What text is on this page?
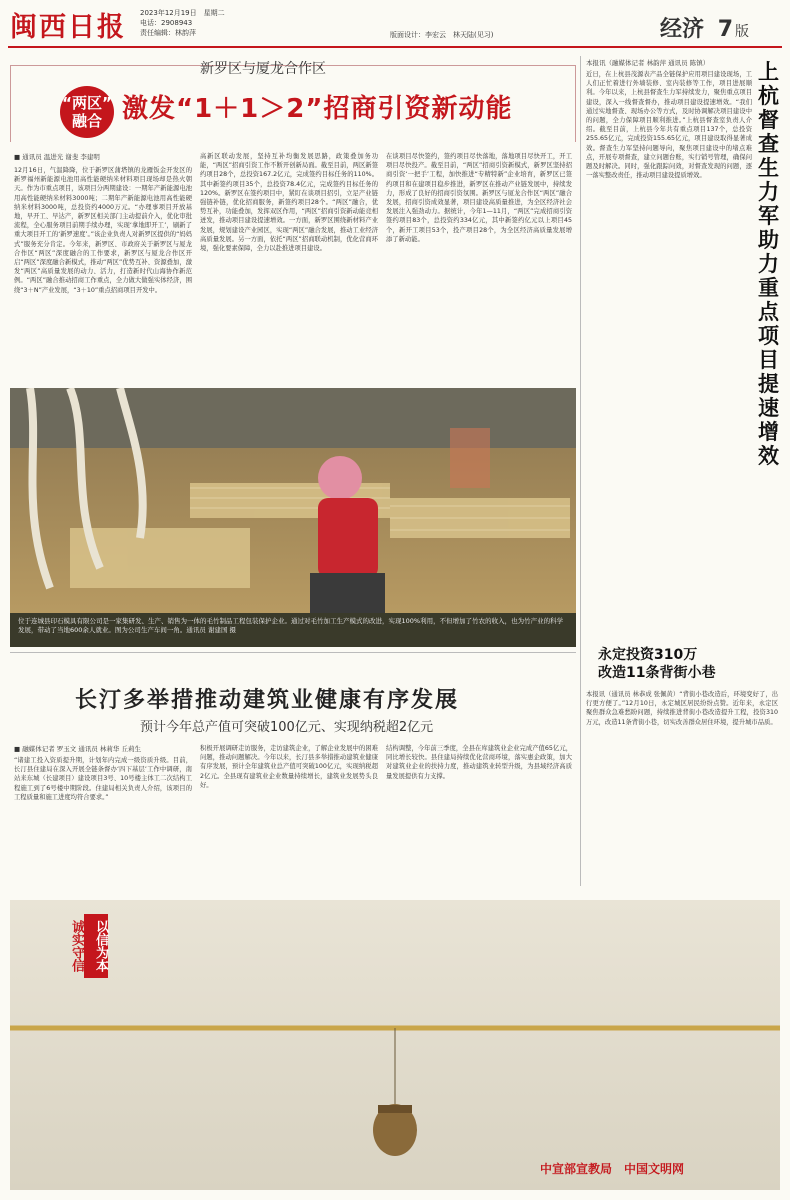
闽西日报	2023年12月19日　星期二
电话：2908943
责任编辑：林韵萍	版面设计：李宏云　 林天陆(见习)	经济 7 版
新罗区与厦龙合作区
“两区”
融合 激发“1＋1＞2”招商引资新动能
■ 通讯员 温进光 谢斐 李建明
12月16日，气温降降，位于新罗区蒲塔镇的龙雁钣金开发区的新罗福州新能源电池用高性能硬纳米材料项目现场却是热火朝天。作为市重点项目，该项目分两期建设：一期年产新能源电池用高性能硬纳米材料3000吨；二期年产新能源电池用高性能硬纳米材料3000吨，总投资约4000万元。“办理事项目开放基地，早开工、早达产，新罗区相关部门主动提前介入，优化审批流程，全心服务项目前期手续办理，实现‘拿地即开工’，刷新了重大项目开工的‘新罗速度’。”该企业负责人对新罗区提供的“妈妈式”服务充分肯定。今年来，新罗区、市政府关于新罗区与厦龙合作区“两区”深度融合的工作要求，新罗区与厦龙合作区开启“两区”深度融合新模式，推动“两区”优势互补、资源叠加，激发“两区”高质量发展的动力、活力，打造新时代山海协作新范例。“两区”融合推动招商工作重点，全力做大做强实体经济，围绕“3＋N”产业发展，“3＋10”重点招商项目开发中。
高新区联动发展，坚持互补均衡发展思路，政策叠加务功能，“两区”招商引资工作不断开创新局面。截至目前，两区新签约项目28个，总投资167.2亿元，完成签约目标任务的110%。其中新签约项目35个，总投资78.4亿元，完成签约目标任务的120%。新罗区在签约项目中，紧盯在谈项目招引，立足产业链强链补链，优化招商服务，新签约项目28个。“两区”融合，优势互补，功能叠加，发挥双区作用，“两区”招商引资新动能竞相迸发，推动项目建设提速增效。一方面，新罗区围绕新材料产业发展，规划建设产业园区，实现“两区”融合发展，推动工业经济高质量发展。另一方面，依托“两区”招商联动机制，优化营商环境，强化要素保障，全力以赴推进项目建设。
在谈项目尽快签约，签约项目尽快落地，落地项目尽快开工，开工项目尽快投产。截至目前，“两区”招商引资新模式，新罗区坚持招商引资‘一把手’工程，加快推进“专精特新”企业培育，新罗区已签约项目和在建项目稳步推进，新罗区在推动产业链发展中，持续发力，形成了良好的招商引资氛围。新罗区与厦龙合作区“两区”融合发展，招商引资成效显著，项目建设高质量推进，为全区经济社会发展注入强劲动力。据统计，今年1—11月，“两区”完成招商引资签约项目83个，总投资约334亿元，其中新签约亿元以上项目45个，新开工项目53个，投产项目28个，为全区经济高质量发展增添了新动能。
位于连城县印石模具有限公司是一家集研发、生产、销售为一体的毛竹制品工程包装保护企业。通过对毛竹加工生产模式的改进，实现100%利用，不但增加了竹农的收入，也为竹产业的科学发展，带动了当地600余人就业。图为公司生产车间一角。通讯员 谢建国 摄
本报讯（融媒体记者 林韵萍 通讯员 陈镇）
近日，在上杭县茂源表产品全链保护应用项目建设现场，工人们正忙着进行外墙装修、室内装修等工作，项目进展顺利。今年以来，上杭县督查生力军持续发力，聚焦重点项目建设，深入一线督查督办，推动项目建设提速增效。“我们通过实地督查、现场办公等方式，及时协调解决项目建设中的问题，全力保障项目顺利推进。”上杭县督查室负责人介绍。截至目前，上杭县今年共有重点项目137个，总投资255.65亿元，完成投资155.65亿元，项目建设取得显著成效。督查生力军坚持问题导向，聚焦项目建设中的堵点难点，开展专项督查，建立问题台账，实行销号管理，确保问题及时解决。同时，强化跟踪问效，对督查发现的问题，逐一落实整改责任，推动项目建设提质增效。
上杭督查生力军助力重点项目提速增效
永定投资310万
改造11条背街小巷
本报讯（通讯员 林恭成 张佩黄）“背街小巷改造后，环境变好了，出行更方便了。”12月10日，永定城区居民纷纷点赞。近年来，永定区聚焦群众急难愁盼问题，持续推进背街小巷改造提升工程，投资310万元，改造11条背街小巷，切实改善群众居住环境，提升城市品质。
长汀多举措推动建筑业健康有序发展
预计今年总产值可突破100亿元、实现纳税超2亿元
■ 融媒体记者 罗玉文 通讯员 林莉华 丘莉生
“诸建工投入资质提升期，计划年内完成一级资质升级。目前，长汀县住建局在深入开展全链条督办‘四下基层’工作中调研，南站来东城（长建项目）建设项目3号、10号楼主体工二次结构工程施工到了6号楼中期阶段。住建局相关负责人介绍，该项目的工程质量和施工进度均符合要求。”
积极开展调研走访服务，走访建筑企业，了解企业发展中的困难问题，推动问题解决。今年以来，长汀县多举措推动建筑业健康有序发展，预计全年建筑业总产值可突破100亿元，实现纳税超2亿元。全县现有建筑业企业数量持续增长，建筑业发展势头良好。
结构调整，今年前三季度，全县在库建筑业企业完成产值65亿元，同比增长较快。县住建局持续优化营商环境，落实惠企政策，加大对建筑业企业的扶持力度，推动建筑业转型升级，为县域经济高质量发展提供有力支撑。
诚实守信 以信为本
中宣部宣教局　中国文明网
